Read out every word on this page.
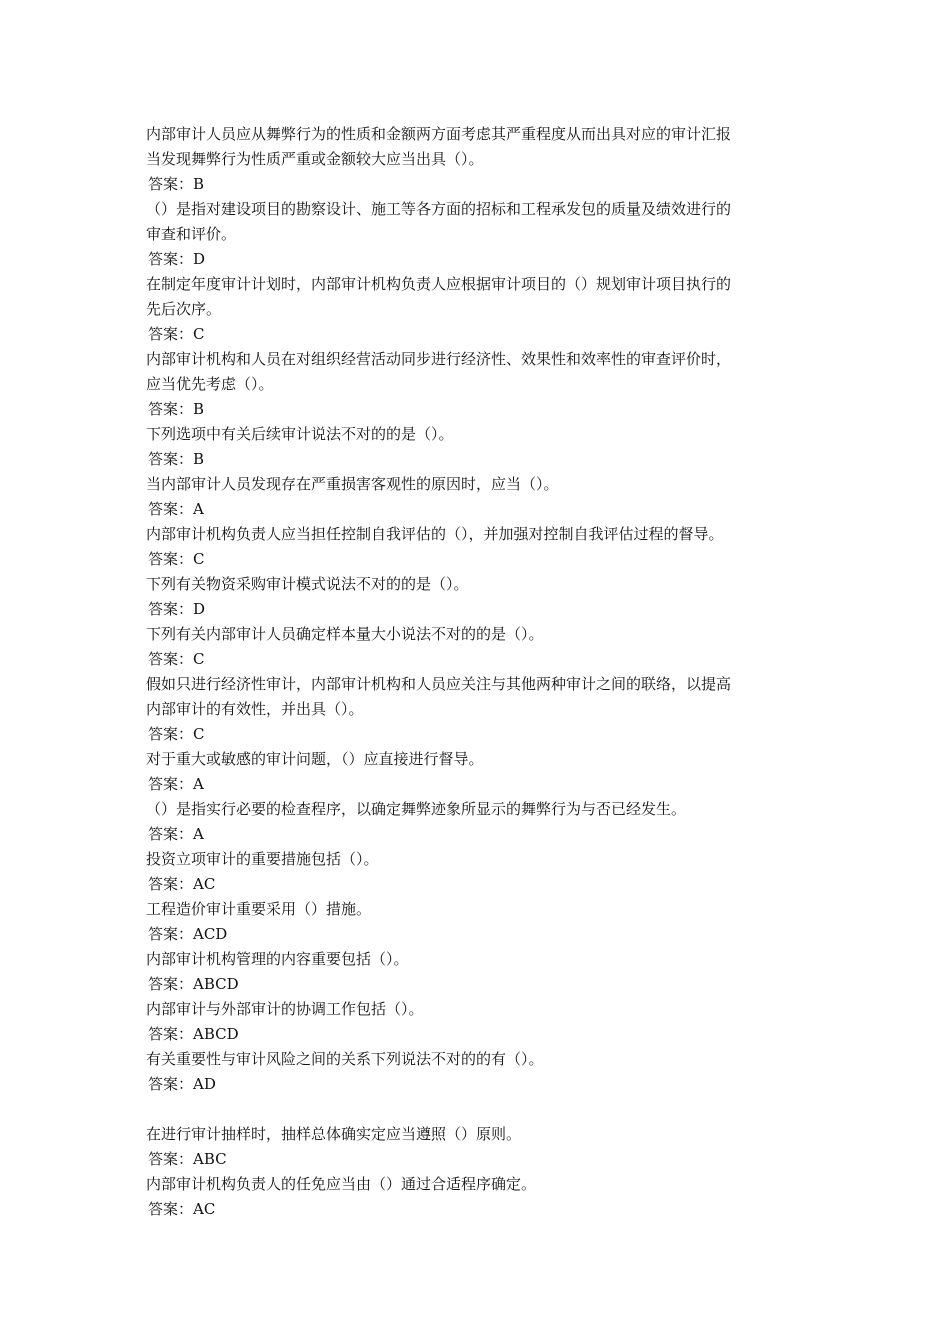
内部审计人员应从舞弊行为的性质和金额两方面考虑其严重程度从而出具对应的审计汇报
当发现舞弊行为性质严重或金额较大应当出具（）。
答案：B
（）是指对建设项目的勘察设计、施工等各方面的招标和工程承发包的质量及绩效进行的
审查和评价。
答案：D
在制定年度审计计划时，内部审计机构负责人应根据审计项目的（）规划审计项目执行的
先后次序。
答案：C
内部审计机构和人员在对组织经营活动同步进行经济性、效果性和效率性的审查评价时，
应当优先考虑（）。
答案：B
下列选项中有关后续审计说法不对的的是（）。
答案：B
当内部审计人员发现存在严重损害客观性的原因时，应当（）。
答案：A
内部审计机构负责人应当担任控制自我评估的（），并加强对控制自我评估过程的督导。
答案：C
下列有关物资采购审计模式说法不对的的是（）。
答案：D
下列有关内部审计人员确定样本量大小说法不对的的是（）。
答案：C
假如只进行经济性审计，内部审计机构和人员应关注与其他两种审计之间的联络，以提高
内部审计的有效性，并出具（）。
答案：C
对于重大或敏感的审计问题，（）应直接进行督导。
答案：A
（）是指实行必要的检查程序，以确定舞弊迹象所显示的舞弊行为与否已经发生。
答案：A
投资立项审计的重要措施包括（）。
答案：AC
工程造价审计重要采用（）措施。
答案：ACD
内部审计机构管理的内容重要包括（）。
答案：ABCD
内部审计与外部审计的协调工作包括（）。
答案：ABCD
有关重要性与审计风险之间的关系下列说法不对的的有（）。
答案：AD
在进行审计抽样时，抽样总体确实定应当遵照（）原则。
答案：ABC
内部审计机构负责人的任免应当由（）通过合适程序确定。
答案：AC
